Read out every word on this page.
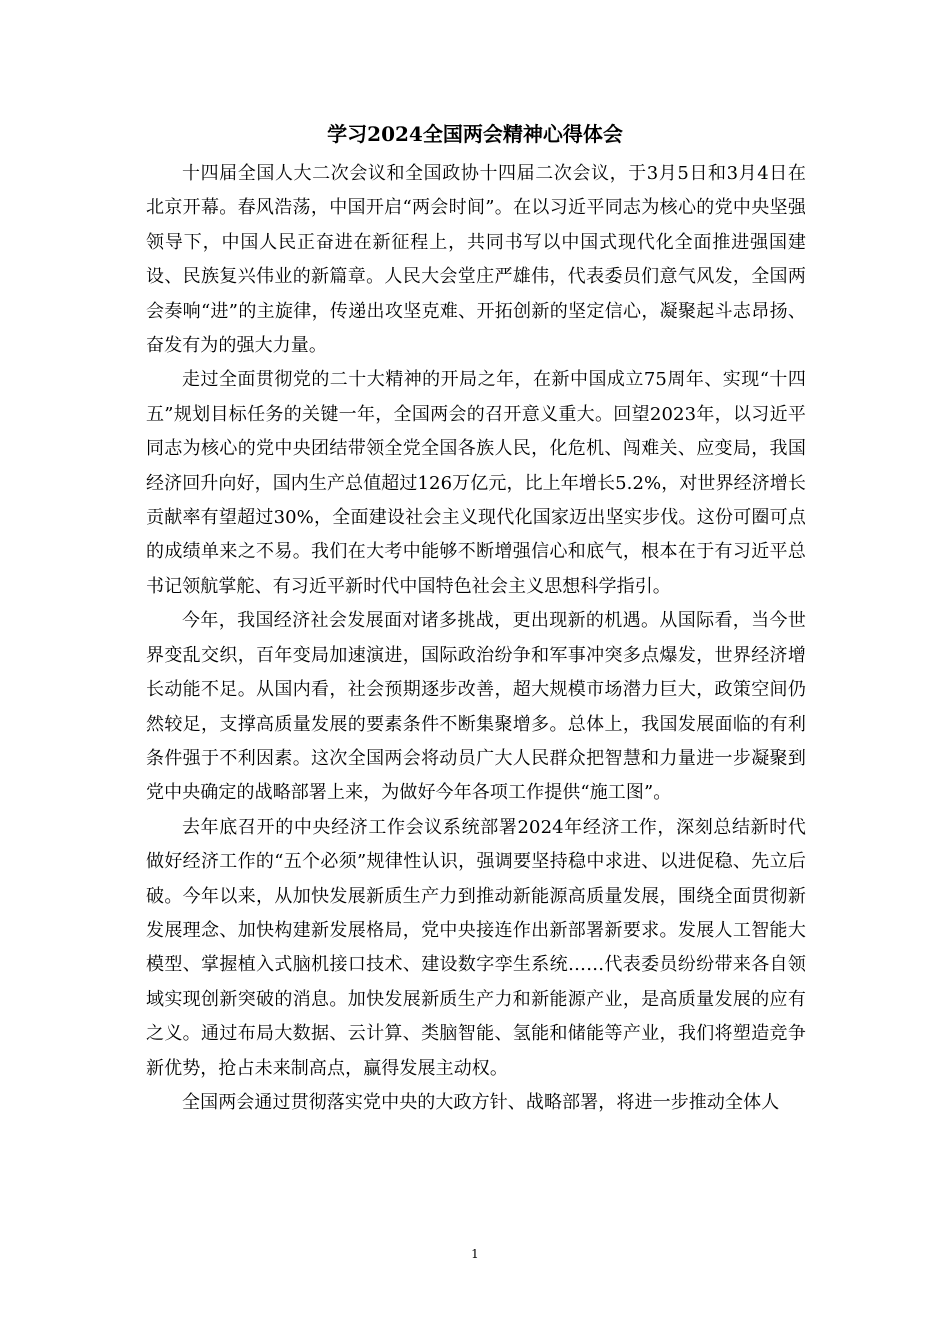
学习2024全国两会精神心得体会

十四届全国人大二次会议和全国政协十四届二次会议，于3月5日和3月4日在北京开幕。春风浩荡，中国开启“两会时间”。在以习近平同志为核心的党中央坚强领导下，中国人民正奋进在新征程上，共同书写以中国式现代化全面推进强国建设、民族复兴伟业的新篇章。人民大会堂庄严雄伟，代表委员们意气风发，全国两会奏响“进”的主旋律，传递出攻坚克难、开拓创新的坚定信心，凝聚起斗志昂扬、奋发有为的强大力量。

走过全面贯彻党的二十大精神的开局之年，在新中国成立75周年、实现“十四五”规划目标任务的关键一年，全国两会的召开意义重大。回望2023年，以习近平同志为核心的党中央团结带领全党全国各族人民，化危机、闯难关、应变局，我国经济回升向好，国内生产总值超过126万亿元，比上年增长5.2%，对世界经济增长贡献率有望超过30%，全面建设社会主义现代化国家迈出坚实步伐。这份可圈可点的成绩单来之不易。我们在大考中能够不断增强信心和底气，根本在于有习近平总书记领航掌舵、有习近平新时代中国特色社会主义思想科学指引。

今年，我国经济社会发展面对诸多挑战，更出现新的机遇。从国际看，当今世界变乱交织，百年变局加速演进，国际政治纷争和军事冲突多点爆发，世界经济增长动能不足。从国内看，社会预期逐步改善，超大规模市场潜力巨大，政策空间仍然较足，支撑高质量发展的要素条件不断集聚增多。总体上，我国发展面临的有利条件强于不利因素。这次全国两会将动员广大人民群众把智慧和力量进一步凝聚到党中央确定的战略部署上来，为做好今年各项工作提供“施工图”。

去年底召开的中央经济工作会议系统部署2024年经济工作，深刻总结新时代做好经济工作的“五个必须”规律性认识，强调要坚持稳中求进、以进促稳、先立后破。今年以来，从加快发展新质生产力到推动新能源高质量发展，围绕全面贯彻新发展理念、加快构建新发展格局，党中央接连作出新部署新要求。发展人工智能大模型、掌握植入式脑机接口技术、建设数字孪生系统……代表委员纷纷带来各自领域实现创新突破的消息。加快发展新质生产力和新能源产业，是高质量发展的应有之义。通过布局大数据、云计算、类脑智能、氢能和储能等产业，我们将塑造竞争新优势，抢占未来制高点，赢得发展主动权。

全国两会通过贯彻落实党中央的大政方针、战略部署，将进一步推动全体人

1
